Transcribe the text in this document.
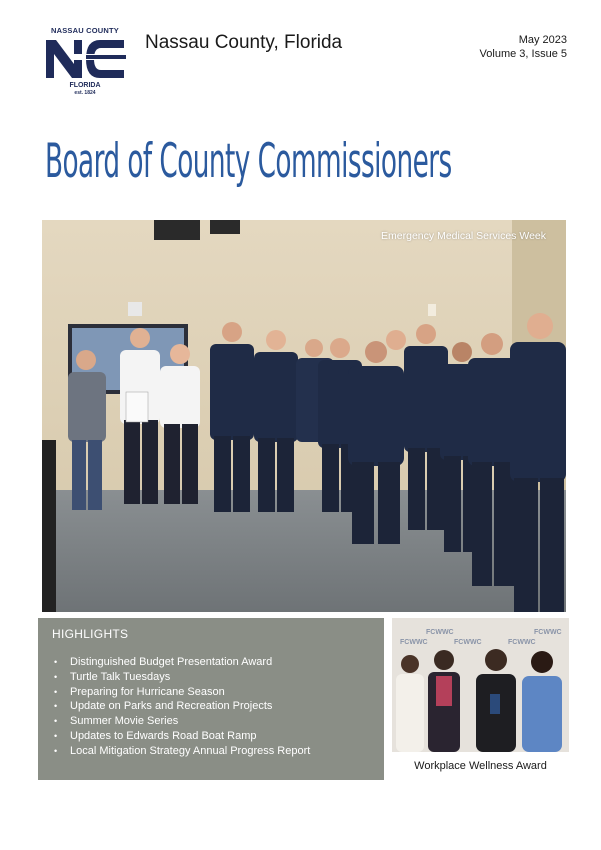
NASSAU COUNTY
FLORIDA
est. 1824
Nassau County, Florida	May 2023
Volume 3, Issue 5
Board of County Commissioners
Emergency Medical Services Week
HIGHLIGHTS
• Distinguished Budget Presentation Award
• Turtle Talk Tuesdays
• Preparing for Hurricane Season
• Update on Parks and Recreation Projects
• Summer Movie Series
• Updates to Edwards Road Boat Ramp
• Local Mitigation Strategy Annual Progress Report
FCWWC	FCWWC	FCWWC
FCWWC	FCWWC
Workplace Wellness Award
